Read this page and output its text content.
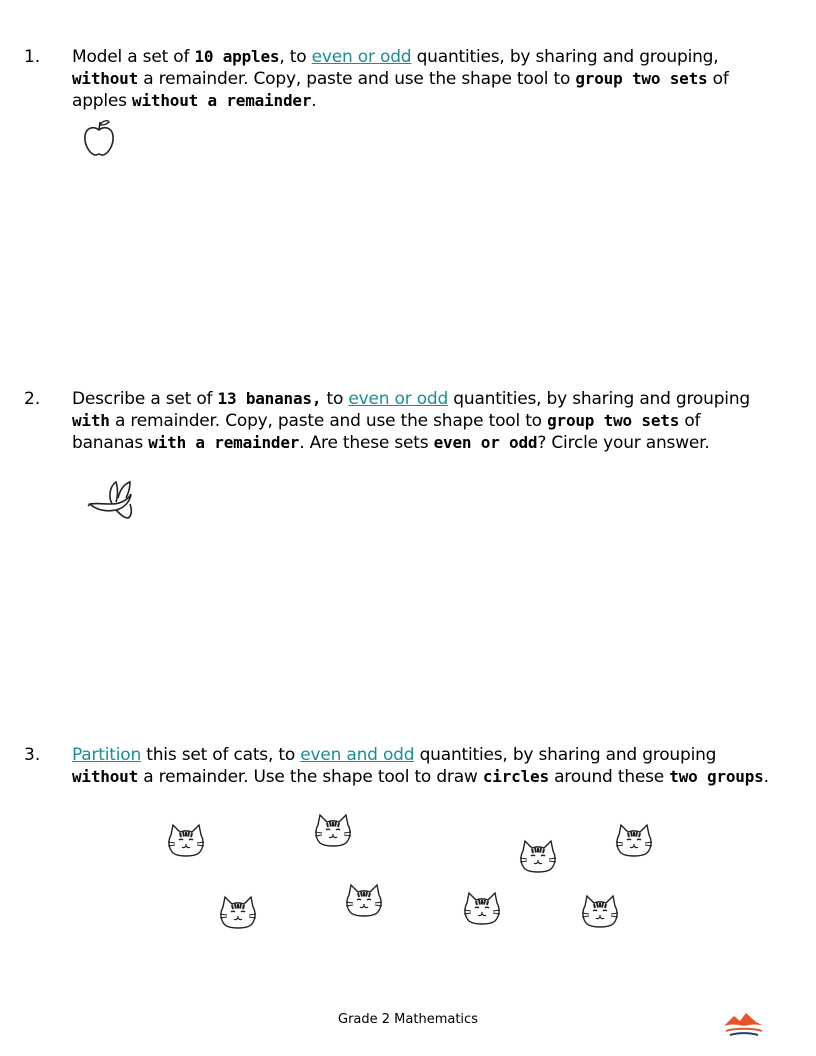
1. Model a set of 10 apples, to even or odd quantities, by sharing and grouping,
without a remainder. Copy, paste and use the shape tool to group two sets of
apples without a remainder.
2. Describe a set of 13 bananas, to even or odd quantities, by sharing and grouping
with a remainder. Copy, paste and use the shape tool to group two sets of
bananas with a remainder. Are these sets even or odd? Circle your answer.
3. Partition this set of cats, to even and odd quantities, by sharing and grouping
without a remainder. Use the shape tool to draw circles around these two groups.
Grade 2 Mathematics
